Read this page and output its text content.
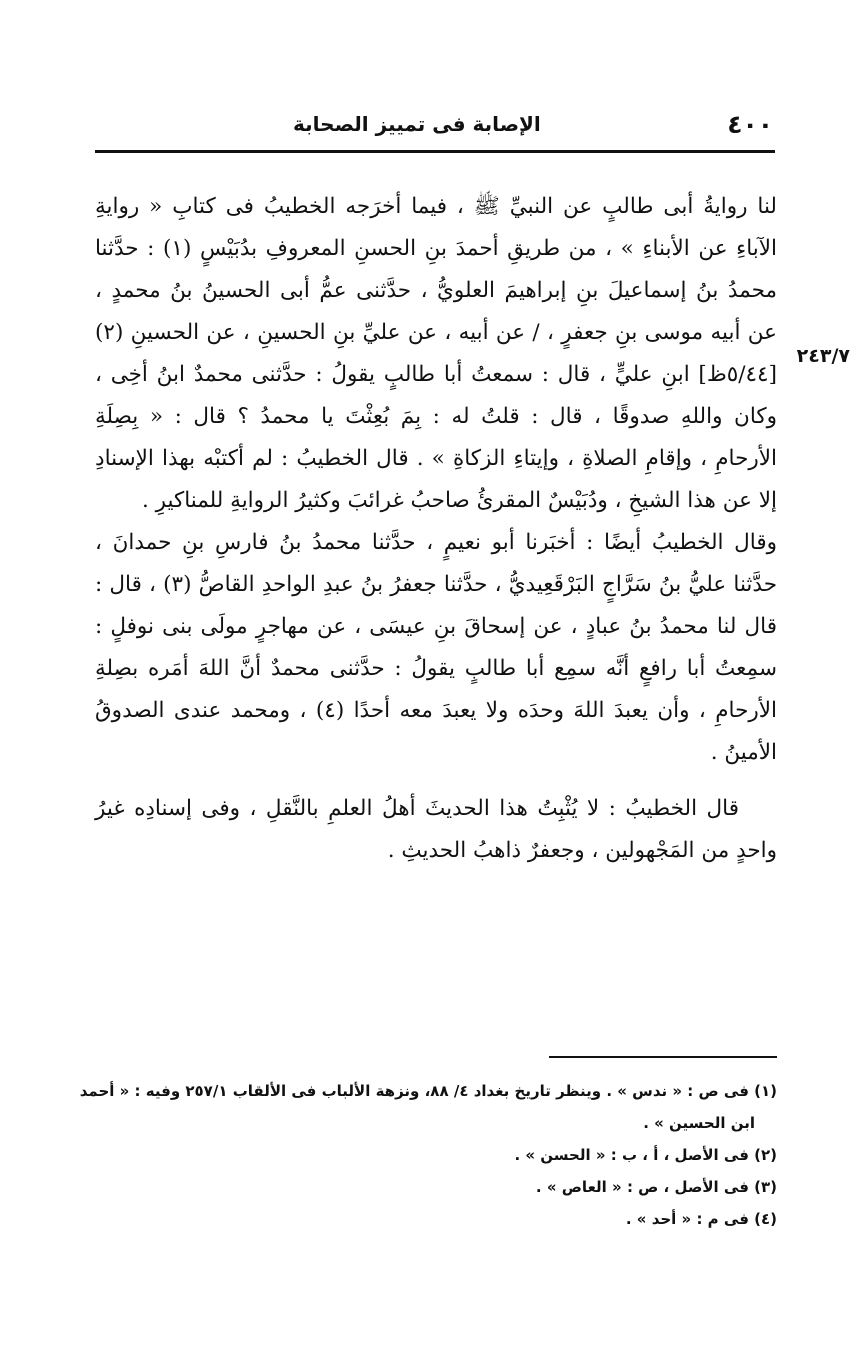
٤٠٠
الإصابة فى تمييز الصحابة
٢٤٣/٧
لنا روايةُ أبى طالبٍ عن النبيِّ ﷺ ، فيما أخرَجه الخطيبُ فى كتابِ « روايةِ
الآباءِ عن الأبناءِ » ، من طريقِ أحمدَ بنِ الحسنِ المعروفِ بدُبَيْسٍ (١) : حدَّثنا
محمدُ بنُ إسماعيلَ بنِ إبراهيمَ العلويُّ ، حدَّثنى عمُّ أبى الحسينُ بنُ محمدٍ ،
عن أبيه موسى بنِ جعفرٍ ، / عن أبيه ، عن عليِّ بنِ الحسينِ ، عن الحسينِ (٢)
[٥/٤٤ظ] ابنِ عليٍّ ، قال : سمعتُ أبا طالبٍ يقولُ : حدَّثنى محمدٌ ابنُ أخِى ،
وكان واللهِ صدوقًا ، قال : قلتُ له : بِمَ بُعِثْتَ يا محمدُ ؟ قال : « بِصِلَةِ
الأرحامِ ، وإقامِ الصلاةِ ، وإيتاءِ الزكاةِ » . قال الخطيبُ : لم أكتبْه بهذا الإسنادِ
إلا عن هذا الشيخِ ، ودُبَيْسٌ المقرئُ صاحبُ غرائبَ وكثيرُ الروايةِ للمناكيرِ .
وقال الخطيبُ أيضًا : أخبَرنا أبو نعيمٍ ، حدَّثنا محمدُ بنُ فارسِ بنِ حمدانَ ،
حدَّثنا عليُّ بنُ سَرَّاجٍ البَرْقَعِيديُّ ، حدَّثنا جعفرُ بنُ عبدِ الواحدِ القاصُّ (٣) ، قال :
قال لنا محمدُ بنُ عبادٍ ، عن إسحاقَ بنِ عيسَى ، عن مهاجرٍ مولَى بنى نوفلٍ :
سمِعتُ أبا رافعٍ أنَّه سمِع أبا طالبٍ يقولُ : حدَّثنى محمدٌ أنَّ اللهَ أمَره بصِلةِ
الأرحامِ ، وأن يعبدَ اللهَ وحدَه ولا يعبدَ معه أحدًا (٤) ، ومحمد عندى الصدوقُ
الأمينُ .
قال الخطيبُ : لا يُثْبِتُ هذا الحديثَ أهلُ العلمِ بالنَّقلِ ، وفى إسنادِه غيرُ
واحدٍ من المَجْهولين ، وجعفرٌ ذاهبُ الحديثِ .
(١) فى ص : « ندس » . وينظر تاريخ بغداد ٤/ ٨٨، ونزهة الألباب فى الألقاب ٢٥٧/١ وفيه : « أحمد
ابن الحسين » .
(٢) فى الأصل ، أ ، ب : « الحسن » .
(٣) فى الأصل ، ص : « العاص » .
(٤) فى م : « أحد » .
